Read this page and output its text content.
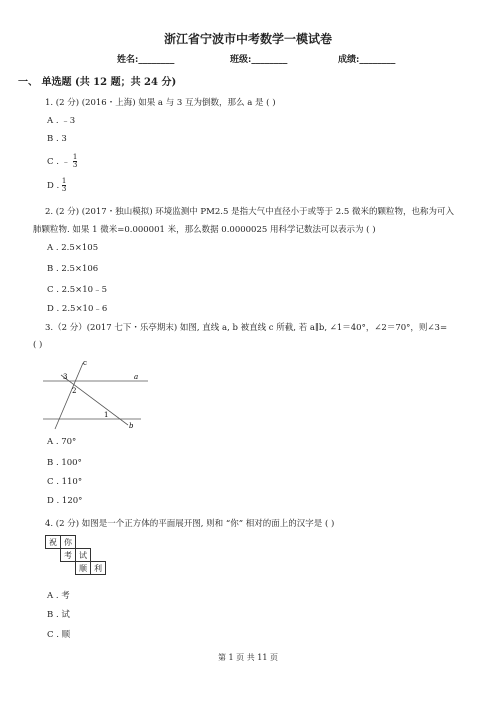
浙江省宁波市中考数学一模试卷
姓名:________	班级:________	成绩:________
一、 单选题 (共 12 题；共 24 分)
1. (2 分) (2016・上海) 如果 a 与 3 互为倒数，那么 a 是 ( )
A . ﹣3
B . 3
C . ﹣ $\frac{1}{3}$
D . $\frac{1}{3}$
2. (2 分) (2017・独山模拟) 环境监测中 PM2.5 是指大气中直径小于或等于 2.5 微米的颗粒物，也称为可入
肺颗粒物. 如果 1 微米=0.000001 米，那么数据 0.0000025 用科学记数法可以表示为 ( )
A . 2.5×105
B . 2.5×106
C . 2.5×10﹣5
D . 2.5×10﹣6
3.（2 分）(2017 七下・乐亭期末) 如图, 直线 a, b 被直线 c 所截, 若 a∥b, ∠1＝40°，∠2＝70°，则∠3=
( )
c
a
b
1
2
3
A . 70°
B . 100°
C . 110°
D . 120°
4. (2 分) 如图是一个正方体的平面展开图, 则和 “你” 相对的面上的汉字是 ( )
祝	你		
	考	试	
		顺	利
A . 考
B . 试
C . 顺
第 1 页 共 11 页
